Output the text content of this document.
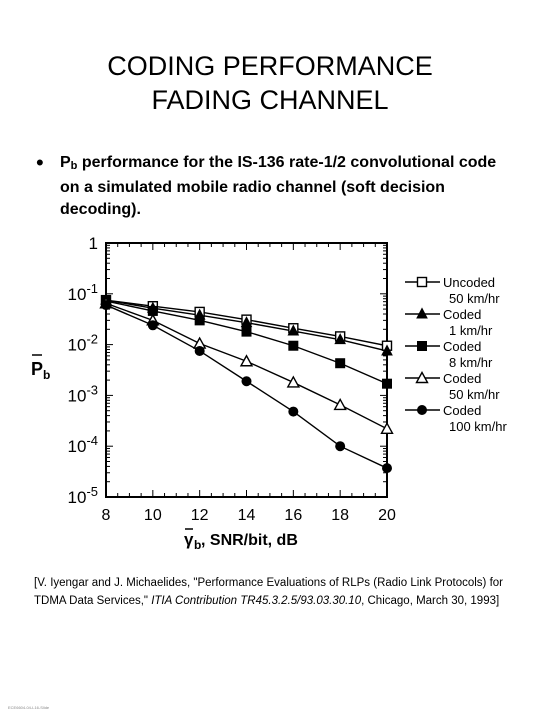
CODING PERFORMANCE
FADING CHANNEL
• Pb performance for the IS-136 rate-1/2 convolutional code on a simulated mobile radio channel (soft decision decoding).
1
$10^{-1}$
$10^{-2}$
$10^{-3}$
$10^{-4}$
$10^{-5}$
8 10 12 14 16 18 20
Uncoded
50 km/hr
Coded
1 km/hr
Coded
8 km/hr
Coded
50 km/hr
Coded
100 km/hr
P b
γ b , SNR/bit, dB
[V. Iyengar and J. Michaelides, "Performance Evaluations of RLPs (Radio Link Protocols) for TDMA Data Services," ITIA Contribution TR45.3.2.5/93.03.30.10, Chicago, March 30, 1993]
ECE6604-04-L16-Slide
